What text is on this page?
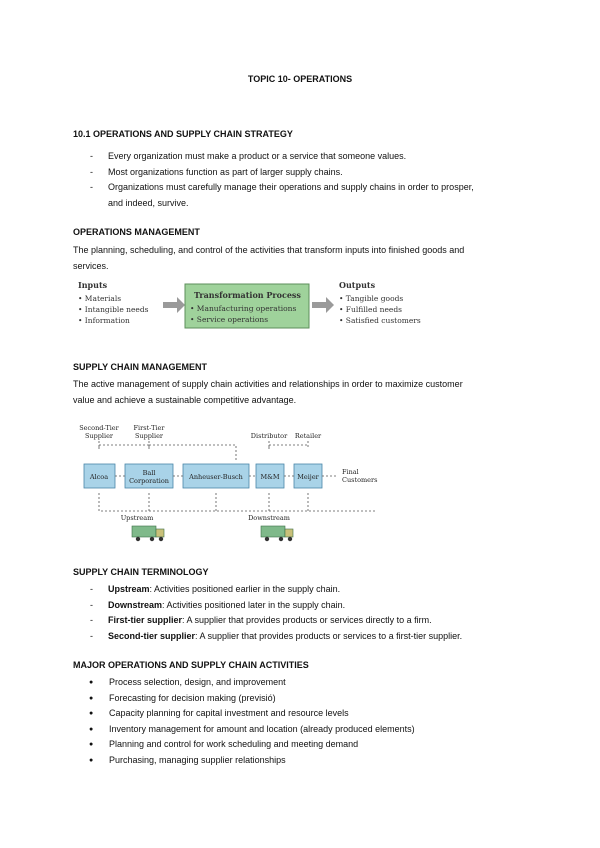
TOPIC 10- OPERATIONS
10.1 OPERATIONS AND SUPPLY CHAIN STRATEGY
- Every organization must make a product or a service that someone values.
- Most organizations function as part of larger supply chains.
- Organizations must carefully manage their operations and supply chains in order to prosper,
and indeed, survive.
OPERATIONS MANAGEMENT
The planning, scheduling, and control of the activities that transform inputs into finished goods and
services.
Inputs
• Materials
• Intangible needs
• Information
Transformation Process
• Manufacturing operations
• Service operations
Outputs
• Tangible goods
• Fulfilled needs
• Satisfied customers
SUPPLY CHAIN MANAGEMENT
The active management of supply chain activities and relationships in order to maximize customer
value and achieve a sustainable competitive advantage.
Second-Tier
Supplier
First-Tier
Supplier	Distributor Retailer
Alcoa	Ball
Corporation	Anheuser-Busch	M&M	Meijer
Final
Customers
Upstream	Downstream
SUPPLY CHAIN TERMINOLOGY
- Upstream: Activities positioned earlier in the supply chain.
- Downstream: Activities positioned later in the supply chain.
- First-tier supplier: A supplier that provides products or services directly to a firm.
- Second-tier supplier: A supplier that provides products or services to a first-tier supplier.
MAJOR OPERATIONS AND SUPPLY CHAIN ACTIVITIES
● Process selection, design, and improvement
● Forecasting for decision making (previsió)
● Capacity planning for capital investment and resource levels
● Inventory management for amount and location (already produced elements)
● Planning and control for work scheduling and meeting demand
● Purchasing, managing supplier relationships
